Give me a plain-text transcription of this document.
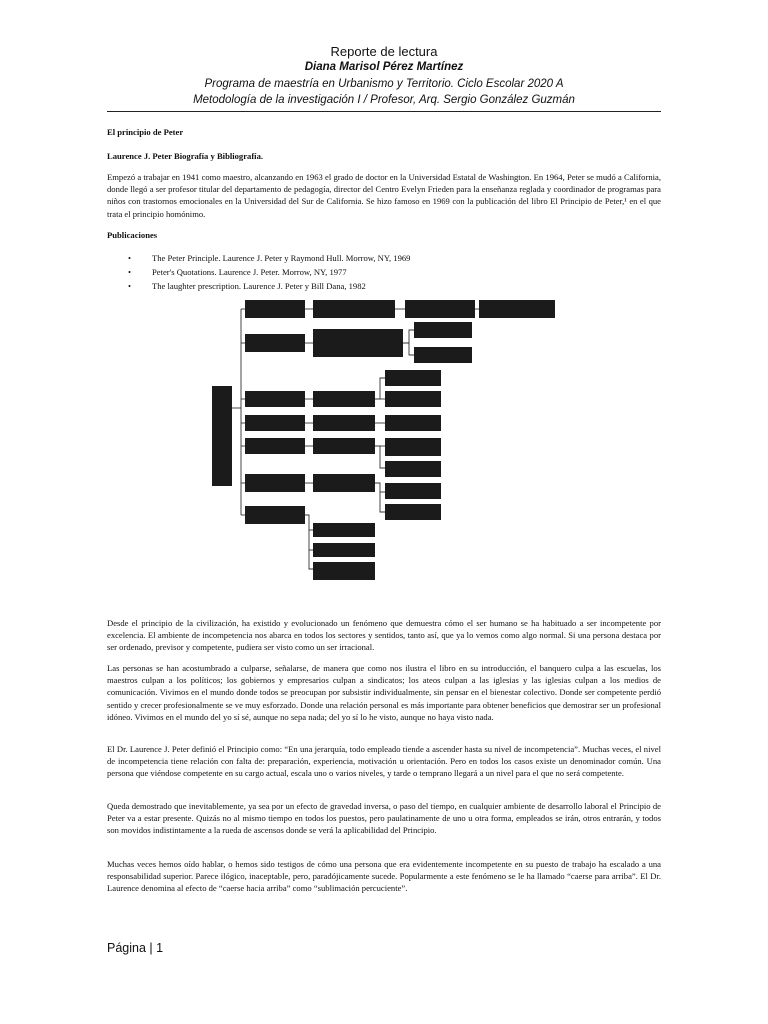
Reporte de lectura
Diana Marisol Pérez Martínez
Programa de maestría en Urbanismo y Territorio. Ciclo Escolar 2020 A
Metodología de la investigación I / Profesor, Arq. Sergio González Guzmán
El principio de Peter
Laurence J. Peter Biografía y Bibliografía.
Empezó a trabajar en 1941 como maestro, alcanzando en 1963 el grado de doctor en la Universidad Estatal de Washington. En 1964, Peter se mudó a California, donde llegó a ser profesor titular del departamento de pedagogía, director del Centro Evelyn Frieden para la enseñanza reglada y coordinador de programas para niños con trastornos emocionales en la Universidad del Sur de California. Se hizo famoso en 1969 con la publicación del libro El Principio de Peter,¹ en el que trata el principio homónimo.
Publicaciones
• The Peter Principle. Laurence J. Peter y Raymond Hull. Morrow, NY, 1969
• Peter's Quotations. Laurence J. Peter. Morrow, NY, 1977
• The laughter prescription. Laurence J. Peter y Bill Dana, 1982
Desde el principio de la civilización, ha existido y evolucionado un fenómeno que demuestra cómo el ser humano se ha habituado a ser incompetente por excelencia. El ambiente de incompetencia nos abarca en todos los sectores y sentidos, tanto así, que ya lo vemos como algo normal. Si una persona destaca por ser ordenado, previsor y competente, pudiera ser visto como un ser irracional.
Las personas se han acostumbrado a culparse, señalarse, de manera que como nos ilustra el libro en su introducción, el banquero culpa a las escuelas, los maestros culpan a los políticos; los gobiernos y empresarios culpan a sindicatos; los ateos culpan a las iglesias y las iglesias culpan a los medios de comunicación. Vivimos en el mundo donde todos se preocupan por subsistir individualmente, sin pensar en el bienestar colectivo. Donde ser competente perdió sentido y crecer profesionalmente se ve muy esforzado. Donde una relación personal es más importante para obtener beneficios que demostrar ser un profesional idóneo. Vivimos en el mundo del yo sí sé, aunque no sepa nada; del yo sí lo he visto, aunque no haya visto nada.
El Dr. Laurence J. Peter definió el Principio como: “En una jerarquía, todo empleado tiende a ascender hasta su nivel de incompetencia”. Muchas veces, el nivel de incompetencia tiene relación con falta de: preparación, experiencia, motivación u orientación. Pero en todos los casos existe un denominador común. Una persona que viéndose competente en su cargo actual, escala uno o varios niveles, y tarde o temprano llegará a un nivel para el que no será competente.
Queda demostrado que inevitablemente, ya sea por un efecto de gravedad inversa, o paso del tiempo, en cualquier ambiente de desarrollo laboral el Principio de Peter va a estar presente. Quizás no al mismo tiempo en todos los puestos, pero paulatinamente de uno u otra forma, empleados se irán, otros entrarán, y todos son movidos indistintamente a la rueda de ascensos donde se verá la aplicabilidad del Principio.
Muchas veces hemos oído hablar, o hemos sido testigos de cómo una persona que era evidentemente incompetente en su puesto de trabajo ha escalado a una responsabilidad superior. Parece ilógico, inaceptable, pero, paradójicamente sucede. Popularmente a este fenómeno se le ha llamado “caerse para arriba”. El Dr. Laurence denomina al efecto de “caerse hacia arriba” como “sublimación percuciente”.
Página | 1
